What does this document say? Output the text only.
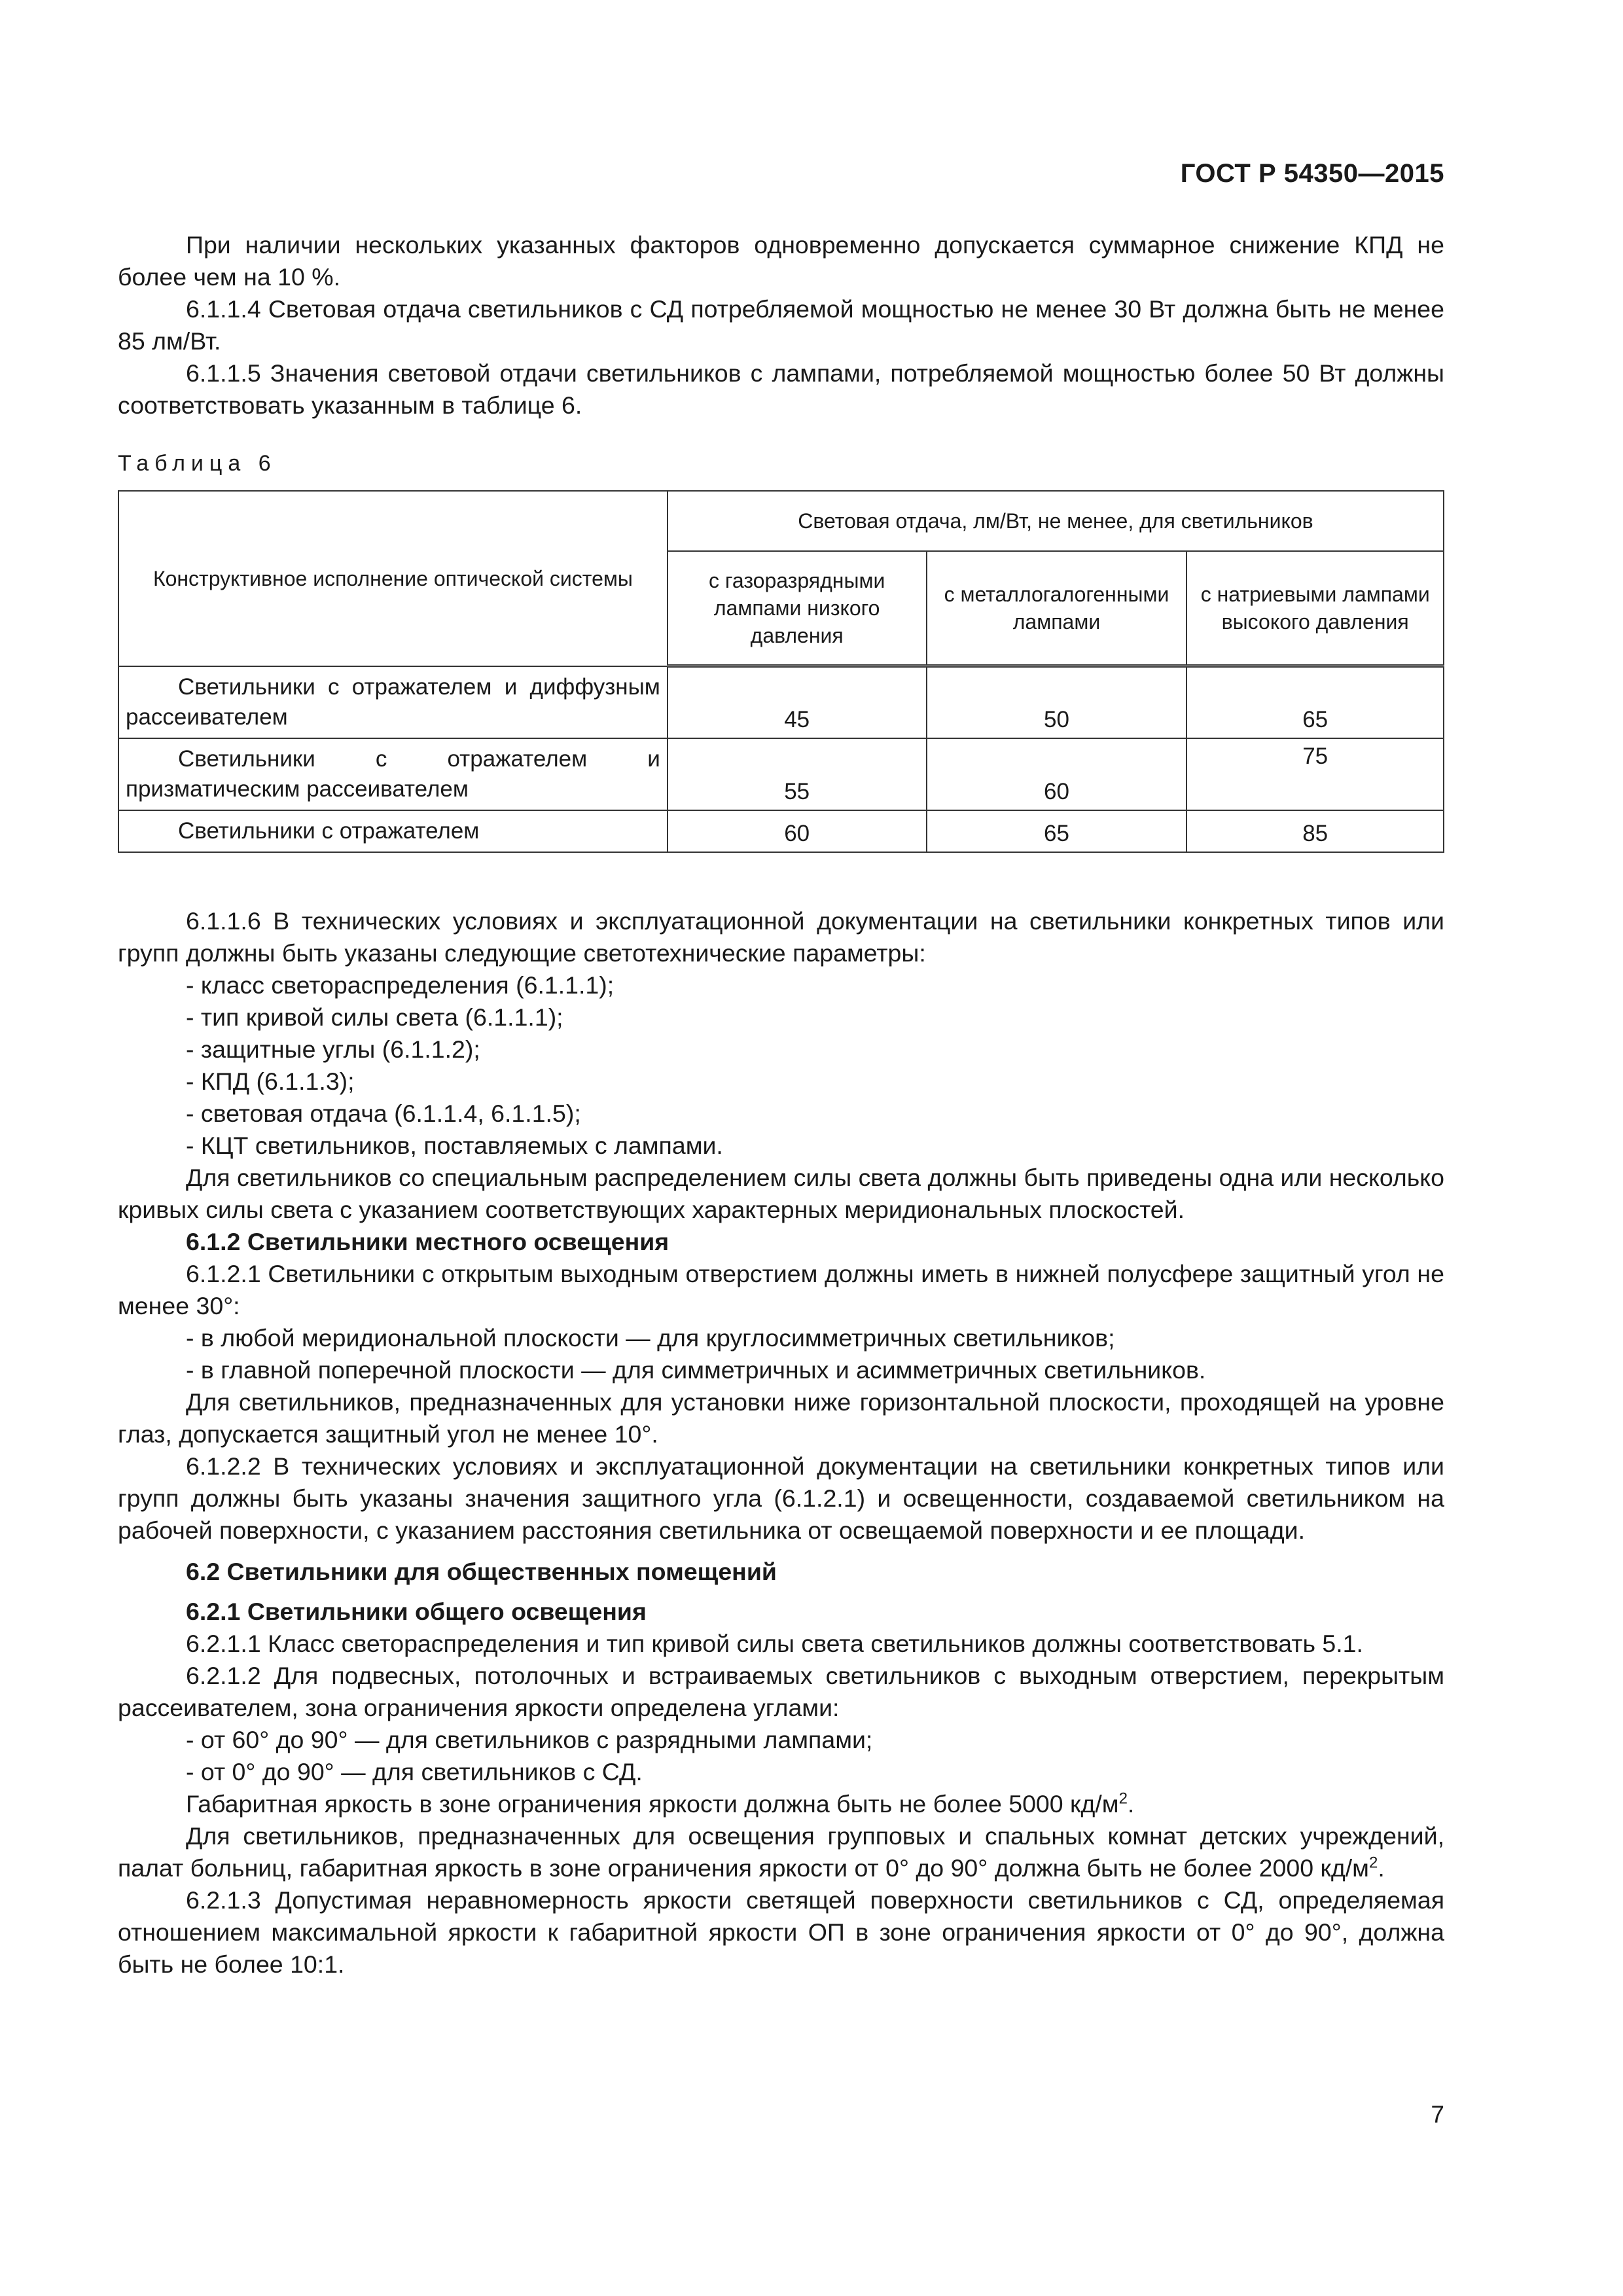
ГОСТ Р 54350—2015

При наличии нескольких указанных факторов одновременно допускается суммарное снижение КПД не более чем на 10 %.

6.1.1.4 Световая отдача светильников с СД потребляемой мощностью не менее 30 Вт должна быть не менее 85 лм/Вт.

6.1.1.5 Значения световой отдачи светильников с лампами, потребляемой мощностью более 50 Вт должны соответствовать указанным в таблице 6.

Таблица 6
Конструктивное исполнение оптической системы	Световая отдача, лм/Вт, не менее, для светильников		
	с газоразрядными лампами низкого давления	с металлогалогенными лампами	с натриевыми лампами высокого давления
Светильники с отражателем и диффузным рассеивателем	45	50	65
Светильники с отражателем и призматическим рассеивателем	55	60	75
Светильники с отражателем	60	65	85

6.1.1.6 В технических условиях и эксплуатационной документации на светильники конкретных типов или групп должны быть указаны следующие светотехнические параметры:

- класс светораспределения (6.1.1.1);

- тип кривой силы света (6.1.1.1);

- защитные углы (6.1.1.2);

- КПД (6.1.1.3);

- световая отдача (6.1.1.4, 6.1.1.5);

- КЦТ светильников, поставляемых с лампами.

Для светильников со специальным распределением силы света должны быть приведены одна или несколько кривых силы света с указанием соответствующих характерных меридиональных плоскостей.

6.1.2 Светильники местного освещения

6.1.2.1 Светильники с открытым выходным отверстием должны иметь в нижней полусфере защитный угол не менее 30°:

- в любой меридиональной плоскости — для круглосимметричных светильников;

- в главной поперечной плоскости — для симметричных и асимметричных светильников.

Для светильников, предназначенных для установки ниже горизонтальной плоскости, проходящей на уровне глаз, допускается защитный угол не менее 10°.

6.1.2.2 В технических условиях и эксплуатационной документации на светильники конкретных типов или групп должны быть указаны значения защитного угла (6.1.2.1) и освещенности, создаваемой светильником на рабочей поверхности, с указанием расстояния светильника от освещаемой поверхности и ее площади.

6.2 Светильники для общественных помещений

6.2.1 Светильники общего освещения

6.2.1.1 Класс светораспределения и тип кривой силы света светильников должны соответствовать 5.1.

6.2.1.2 Для подвесных, потолочных и встраиваемых светильников с выходным отверстием, перекрытым рассеивателем, зона ограничения яркости определена углами:

- от 60° до 90° — для светильников с разрядными лампами;

- от 0° до 90° — для светильников с СД.

Габаритная яркость в зоне ограничения яркости должна быть не более 5000 $кд/м^2$.

Для светильников, предназначенных для освещения групповых и спальных комнат детских учреждений, палат больниц, габаритная яркость в зоне ограничения яркости от 0° до 90° должна быть не более 2000 $кд/м^2$.

6.2.1.3 Допустимая неравномерность яркости светящей поверхности светильников с СД, определяемая отношением максимальной яркости к габаритной яркости ОП в зоне ограничения яркости от 0° до 90°, должна быть не более 10:1.

7
